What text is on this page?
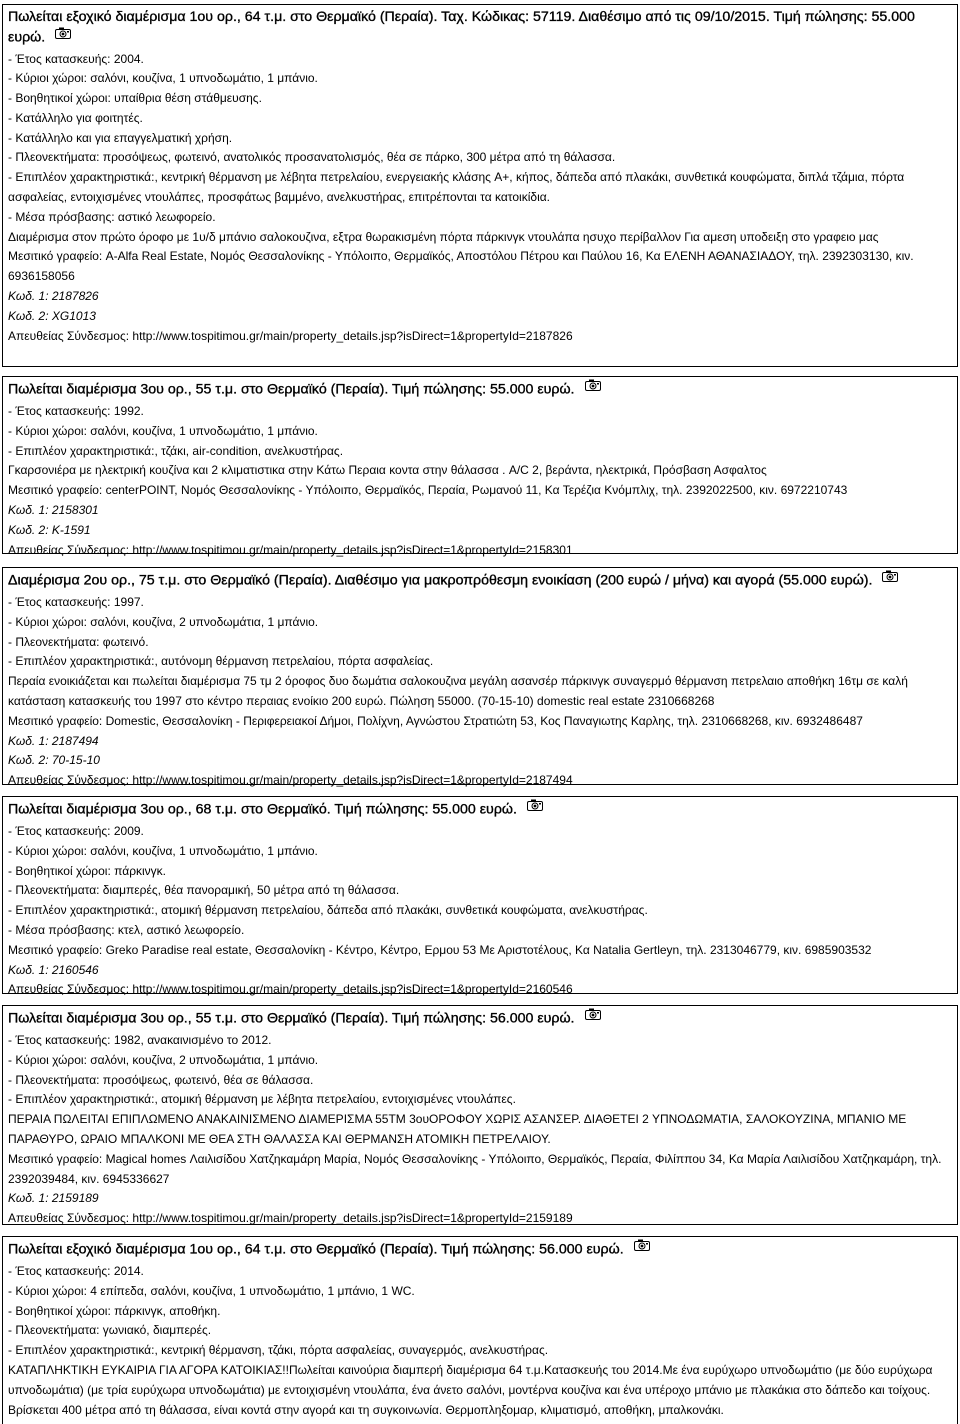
Πωλείται εξοχικό διαμέρισμα 1ου ορ., 64 τ.μ. στο Θερμαϊκό (Περαία). Ταχ. Κώδικας: 57119. Διαθέσιμο από τις 09/10/2015. Τιμή πώλησης: 55.000 ευρώ.
- Έτος κατασκευής: 2004.
- Κύριοι χώροι: σαλόνι, κουζίνα, 1 υπνοδωμάτιο, 1 μπάνιο.
- Βοηθητικοί χώροι: υπαίθρια θέση στάθμευσης.
- Κατάλληλο για φοιτητές.
- Κατάλληλο και για επαγγελματική χρήση.
- Πλεονεκτήματα: προσόψεως, φωτεινό, ανατολικός προσανατολισμός, θέα σε πάρκο, 300 μέτρα από τη θάλασσα.
- Επιπλέον χαρακτηριστικά:, κεντρική θέρμανση με λέβητα πετρελαίου, ενεργειακής κλάσης A+, κήπος, δάπεδα από πλακάκι, συνθετικά κουφώματα, διπλά τζάμια, πόρτα ασφαλείας, εντοιχισμένες ντουλάπες, προσφάτως βαμμένο, ανελκυστήρας, επιτρέπονται τα κατοικίδια.
- Μέσα πρόσβασης: αστικό λεωφορείο.
Διαμέρισμα στον πρώτο όροφο με 1υ/δ μπάνιο σαλοκουζινα, εξτρα θωρακισμένη πόρτα πάρκινγκ ντουλάπα ησυχο περίβαλλον Για αμεση υποδειξη στο γραφειο μας
Μεσιτικό γραφείο: A-Alfa Real Estate, Νομός Θεσσαλονίκης - Υπόλοιπο, Θερμαϊκός, Αποστόλου Πέτρου και Παύλου 16, Κα ΕΛΕΝΗ ΑΘΑΝΑΣΙΑΔΟΥ, τηλ. 2392303130, κιν. 6936158056
Κωδ. 1: 2187826
Κωδ. 2: XG1013
Απευθείας Σύνδεσμος: http://www.tospitimou.gr/main/property_details.jsp?isDirect=1&propertyId=2187826
Πωλείται διαμέρισμα 3ου ορ., 55 τ.μ. στο Θερμαϊκό (Περαία). Τιμή πώλησης: 55.000 ευρώ.
- Έτος κατασκευής: 1992.
- Κύριοι χώροι: σαλόνι, κουζίνα, 1 υπνοδωμάτιο, 1 μπάνιο.
- Επιπλέον χαρακτηριστικά:, τζάκι, air-condition, ανελκυστήρας.
Γκαρσονιέρα με ηλεκτρική κουζίνα και 2 κλιματιστικα στην Κάτω Περαια κοντα στην θάλασσα . A/C 2, βεράντα, ηλεκτρικά, Πρόσβαση Ασφαλτος
Μεσιτικό γραφείο: centerPOINT, Νομός Θεσσαλονίκης - Υπόλοιπο, Θερμαϊκός, Περαία, Ρωμανού 11, Κα Τερέζια Κνόμπλιχ, τηλ. 2392022500, κιν. 6972210743
Κωδ. 1: 2158301
Κωδ. 2: K-1591
Απευθείας Σύνδεσμος: http://www.tospitimou.gr/main/property_details.jsp?isDirect=1&propertyId=2158301
Διαμέρισμα 2ου ορ., 75 τ.μ. στο Θερμαϊκό (Περαία). Διαθέσιμο για μακροπρόθεσμη ενοικίαση (200 ευρώ / μήνα) και αγορά (55.000 ευρώ).
- Έτος κατασκευής: 1997.
- Κύριοι χώροι: σαλόνι, κουζίνα, 2 υπνοδωμάτια, 1 μπάνιο.
- Πλεονεκτήματα: φωτεινό.
- Επιπλέον χαρακτηριστικά:, αυτόνομη θέρμανση πετρελαίου, πόρτα ασφαλείας.
Περαία ενοικιάζεται και πωλείται διαμέρισμα 75 τμ 2 όροφος δυο δωμάτια σαλοκουζινα μεγάλη ασανσέρ πάρκινγκ συναγερμό θέρμανση πετρελαιο αποθήκη 16τμ σε καλή κατάσταση κατασκευής του 1997 στο κέντρο περαιας ενοίκιο 200 ευρώ. Πώληση 55000. (70-15-10) domestic real estate 2310668268
Μεσιτικό γραφείο: Domestic, Θεσσαλονίκη - Περιφερειακοί Δήμοι, Πολίχνη, Αγνώστου Στρατιώτη 53, Κος Παναγιωτης Καρλης, τηλ. 2310668268, κιν. 6932486487
Κωδ. 1: 2187494
Κωδ. 2: 70-15-10
Απευθείας Σύνδεσμος: http://www.tospitimou.gr/main/property_details.jsp?isDirect=1&propertyId=2187494
Πωλείται διαμέρισμα 3ου ορ., 68 τ.μ. στο Θερμαϊκό. Τιμή πώλησης: 55.000 ευρώ.
- Έτος κατασκευής: 2009.
- Κύριοι χώροι: σαλόνι, κουζίνα, 1 υπνοδωμάτιο, 1 μπάνιο.
- Βοηθητικοί χώροι: πάρκινγκ.
- Πλεονεκτήματα: διαμπερές, θέα πανοραμική, 50 μέτρα από τη θάλασσα.
- Επιπλέον χαρακτηριστικά:, ατομική θέρμανση πετρελαίου, δάπεδα από πλακάκι, συνθετικά κουφώματα, ανελκυστήρας.
- Μέσα πρόσβασης: κτελ, αστικό λεωφορείο.
Μεσιτικό γραφείο: Greko Paradise real estate, Θεσσαλονίκη - Κέντρο, Κέντρο, Ερμου 53 Με Αριστοτέλους, Κα Natalia Gertleyn, τηλ. 2313046779, κιν. 6985903532
Κωδ. 1: 2160546
Απευθείας Σύνδεσμος: http://www.tospitimou.gr/main/property_details.jsp?isDirect=1&propertyId=2160546
Πωλείται διαμέρισμα 3ου ορ., 55 τ.μ. στο Θερμαϊκό (Περαία). Τιμή πώλησης: 56.000 ευρώ.
- Έτος κατασκευής: 1982, ανακαινισμένο το 2012.
- Κύριοι χώροι: σαλόνι, κουζίνα, 2 υπνοδωμάτια, 1 μπάνιο.
- Πλεονεκτήματα: προσόψεως, φωτεινό, θέα σε θάλασσα.
- Επιπλέον χαρακτηριστικά:, ατομική θέρμανση με λέβητα πετρελαίου, εντοιχισμένες ντουλάπες.
ΠΕΡΑΙΑ ΠΩΛΕΙΤΑΙ ΕΠΙΠΛΩΜΕΝΟ ΑΝΑΚΑΙΝΙΣΜΕΝΟ ΔΙΑΜΕΡΙΣΜΑ 55ΤΜ 3ουΟΡΟΦΟΥ ΧΩΡΙΣ ΑΣΑΝΣΕΡ. ΔΙΑΘΕΤΕΙ 2 ΥΠΝΟΔΩΜΑΤΙΑ, ΣΑΛΟΚΟΥΖΙΝΑ, ΜΠΑΝΙΟ ΜΕ ΠΑΡΑΘΥΡΟ, ΩΡΑΙΟ ΜΠΑΛΚΟΝΙ ΜΕ ΘΕΑ ΣΤΗ ΘΑΛΑΣΣΑ ΚΑΙ ΘΕΡΜΑΝΣΗ ΑΤΟΜΙΚΗ ΠΕΤΡΕΛΑΙΟΥ.
Μεσιτικό γραφείο: Magical homes Λαιλισίδου Χατζηκαμάρη Μαρία, Νομός Θεσσαλονίκης - Υπόλοιπο, Θερμαϊκός, Περαία, Φιλίππου 34, Κα Μαρία Λαιλισίδου Χατζηκαμάρη, τηλ. 2392039484, κιν. 6945336627
Κωδ. 1: 2159189
Απευθείας Σύνδεσμος: http://www.tospitimou.gr/main/property_details.jsp?isDirect=1&propertyId=2159189
Πωλείται εξοχικό διαμέρισμα 1ου ορ., 64 τ.μ. στο Θερμαϊκό (Περαία). Τιμή πώλησης: 56.000 ευρώ.
- Έτος κατασκευής: 2014.
- Κύριοι χώροι: 4 επίπεδα, σαλόνι, κουζίνα, 1 υπνοδωμάτιο, 1 μπάνιο, 1 WC.
- Βοηθητικοί χώροι: πάρκινγκ, αποθήκη.
- Πλεονεκτήματα: γωνιακό, διαμπερές.
- Επιπλέον χαρακτηριστικά:, κεντρική θέρμανση, τζάκι, πόρτα ασφαλείας, συναγερμός, ανελκυστήρας.
ΚΑΤΑΠΛΗΚΤΙΚΗ ΕΥΚΑΙΡΙΑ ΓΙΑ ΑΓΟΡΑ ΚΑΤΟΙΚΙΑΣ!!Πωλείται καινούρια διαμπερή διαμέρισμα 64 τ.μ.Κατασκευής του 2014.Με ένα ευρύχωρο υπνοδωμάτιο (με δύο ευρύχωρα υπνοδωμάτια) (με τρία ευρύχωρα υπνοδωμάτια) με εντοιχισμένη ντουλάπα, ένα άνετο σαλόνι, μοντέρνα κουζίνα και ένα υπέροχο μπάνιο με πλακάκια στο δάπεδο και τοίχους. Βρίσκεται 400 μέτρα από τη θάλασσα, είναι κοντά στην αγορά και τη συγκοινωνία. Θερμοπληξομαρ, κλιματισμό, αποθήκη, μπαλκονάκι.
